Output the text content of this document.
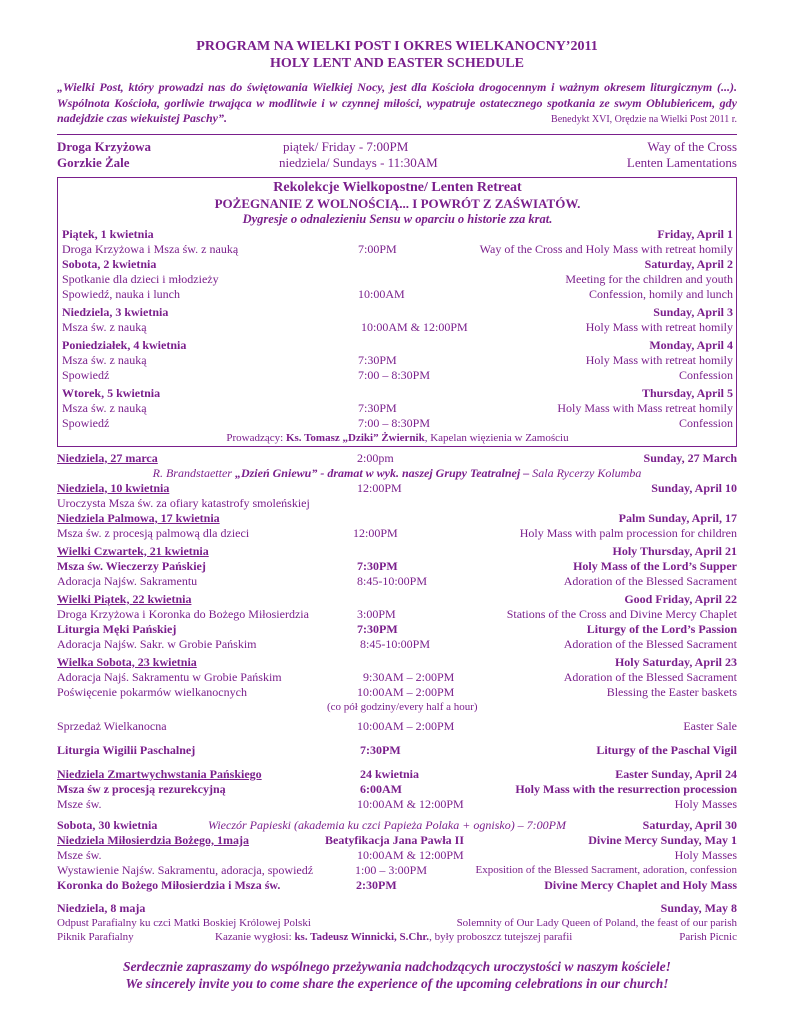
PROGRAM NA WIELKI POST I OKRES WIELKANOCNY’2011
HOLY LENT AND EASTER SCHEDULE
„Wielki Post, który prowadzi nas do świętowania Wielkiej Nocy, jest dla Kościoła drogocennym i ważnym okresem liturgicznym (...). Wspólnota Kościoła, gorliwie trwająca w modlitwie i w czynnej miłości, wypatruje ostatecznego spotkania ze swym Oblubieńcem, gdy nadejdzie czas wiekuistej Paschy”.	Benedykt XVI, Orędzie na Wielki Post 2011 r.
Droga Krzyżowa	piątek/ Friday - 7:00PM	Way of the Cross
Gorzkie Żale	niedziela/ Sundays - 11:30AM	Lenten Lamentations
Rekolekcje Wielkopostne/ Lenten Retreat
POŻEGNANIE Z WOLNOŚCIĄ... I POWRÓT Z ZAŚWIATÓW.
Dygresje o odnalezieniu Sensu w oparciu o historie zza krat.
Piątek, 1 kwietnia	Friday, April 1
Droga Krzyżowa i Msza św. z nauką	7:00PM	Way of the Cross and Holy Mass with retreat homily
Sobota, 2 kwietnia	Saturday, April 2
Spotkanie dla dzieci i młodzieży	Meeting for the children and youth
Spowiedź, nauka i lunch	10:00AM	Confession, homily and lunch
Niedziela, 3 kwietnia	Sunday, April 3
Msza św. z nauką	10:00AM & 12:00PM	Holy Mass with retreat homily
Poniedziałek, 4 kwietnia	Monday, April 4
Msza św. z nauką	7:30PM	Holy Mass with retreat homily
Spowiedź	7:00 – 8:30PM	Confession
Wtorek, 5 kwietnia	Thursday, April 5
Msza św. z nauką	7:30PM	Holy Mass with Mass retreat homily
Spowiedź	7:00 – 8:30PM	Confession
Prowadzący: Ks. Tomasz „Dziki” Żwiernik, Kapelan więzienia w Zamościu
Niedziela, 27 marca	2:00pm	Sunday, 27 March
R. Brandstaetter „Dzień Gniewu” - dramat w wyk. naszej Grupy Teatralnej – Sala Rycerzy Kolumba
Niedziela, 10 kwietnia	12:00PM	Sunday, April 10
Uroczysta Msza św. za ofiary katastrofy smoleńskiej
Niedziela Palmowa, 17 kwietnia	Palm Sunday, April, 17
Msza św. z procesją palmową dla dzieci	12:00PM	Holy Mass with palm procession for children
Wielki Czwartek, 21 kwietnia	Holy Thursday, April 21
Msza św. Wieczerzy Pańskiej	7:30PM	Holy Mass of the Lord’s Supper
Adoracja Najśw. Sakramentu	8:45-10:00PM	Adoration of the Blessed Sacrament
Wielki Piątek, 22 kwietnia	Good Friday, April 22
Droga Krzyżowa i Koronka do Bożego Miłosierdzia	3:00PM	Stations of the Cross and Divine Mercy Chaplet
Liturgia Męki Pańskiej	7:30PM	Liturgy of the Lord’s Passion
Adoracja Najśw. Sakr. w Grobie Pańskim	8:45-10:00PM	Adoration of the Blessed Sacrament
Wielka Sobota, 23 kwietnia	Holy Saturday, April 23
Adoracja Najś. Sakramentu w Grobie Pańskim	9:30AM – 2:00PM	Adoration of the Blessed Sacrament
Poświęcenie pokarmów wielkanocnych	10:00AM – 2:00PM	Blessing the Easter baskets
(co pół godziny/every half a hour)
Sprzedaż Wielkanocna	10:00AM – 2:00PM	Easter Sale
Liturgia Wigilii Paschalnej	7:30PM	Liturgy of the Paschal Vigil
Niedziela Zmartwychwstania Pańskiego	24 kwietnia	Easter Sunday, April 24
Msza św z procesją rezurekcyjną	6:00AM	Holy Mass with the resurrection procession
Msze św.	10:00AM & 12:00PM	Holy Masses
Sobota, 30 kwietnia	Wieczór Papieski (akademia ku czci Papieża Polaka + ognisko) – 7:00PM	Saturday, April 30
Niedziela Miłosierdzia Bożego, 1maja	Beatyfikacja Jana Pawła II	Divine Mercy Sunday, May 1
Msze św.	10:00AM & 12:00PM	Holy Masses
Wystawienie Najśw. Sakramentu, adoracja, spowiedź	1:00 – 3:00PM	Exposition of the Blessed Sacrament, adoration, confession
Koronka do Bożego Miłosierdzia i Msza św.	2:30PM	Divine Mercy Chaplet and Holy Mass
Niedziela, 8 maja	Sunday, May 8
Odpust Parafialny ku czci Matki Boskiej Królowej Polski	Solemnity of Our Lady Queen of Poland, the feast of our parish
Piknik Parafialny	Kazanie wygłosi: ks. Tadeusz Winnicki, S.Chr., były proboszcz tutejszej parafii	Parish Picnic
Serdecznie zapraszamy do wspólnego przeżywania nadchodzących uroczystości w naszym kościele!
We sincerely invite you to come share the experience of the upcoming celebrations in our church!
